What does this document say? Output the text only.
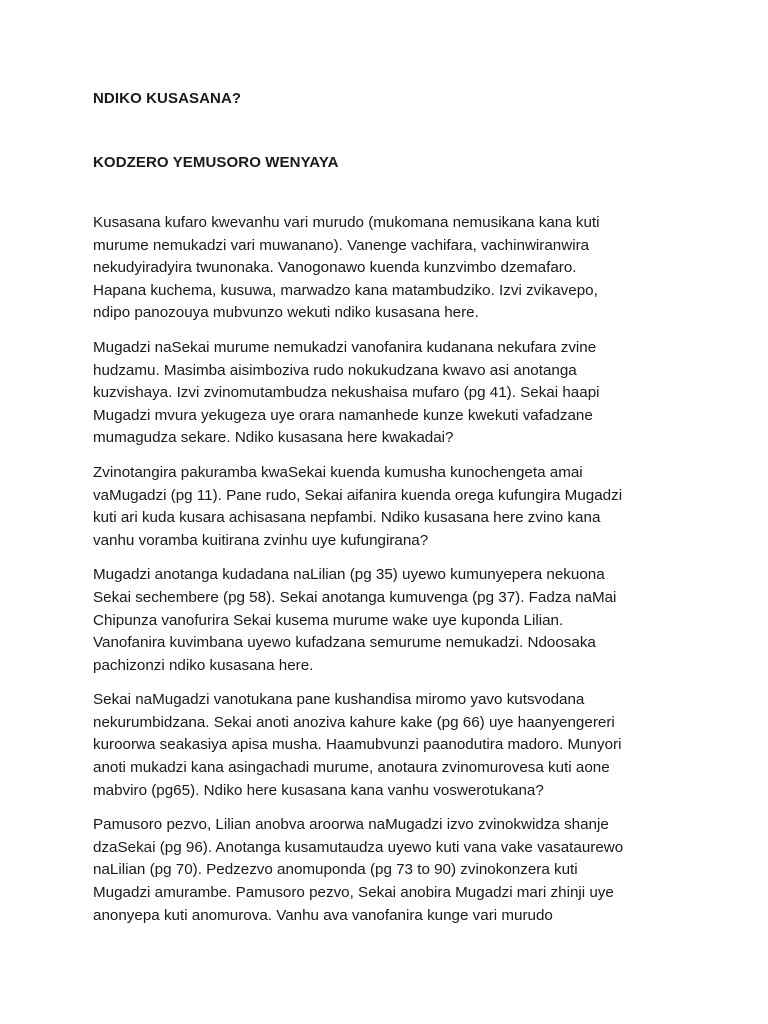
NDIKO KUSASANA?
KODZERO YEMUSORO WENYAYA

Kusasana kufaro kwevanhu vari murudo (mukomana nemusikana kana kuti
murume nemukadzi vari muwanano). Vanenge vachifara, vachinwiranwira
nekudyiradyira twunonaka. Vanogonawo kuenda kunzvimbo dzemafaro.
Hapana kuchema, kusuwa, marwadzo kana matambudziko. Izvi zvikavepo,
ndipo panozouya mubvunzo wekuti ndiko kusasana here.

Mugadzi naSekai murume nemukadzi vanofanira kudanana nekufara zvine
hudzamu. Masimba aisimboziva rudo nokukudzana kwavo asi anotanga
kuzvishaya. Izvi zvinomutambudza nekushaisa mufaro (pg 41). Sekai haapi
Mugadzi mvura yekugeza uye orara namanhede kunze kwekuti vafadzane
mumagudza sekare. Ndiko kusasana here kwakadai?

Zvinotangira pakuramba kwaSekai kuenda kumusha kunochengeta amai
vaMugadzi (pg 11). Pane rudo, Sekai aifanira kuenda orega kufungira Mugadzi
kuti ari kuda kusara achisasana nepfambi. Ndiko kusasana here zvino kana
vanhu voramba kuitirana zvinhu uye kufungirana?

Mugadzi anotanga kudadana naLilian (pg 35) uyewo kumunyepera nekuona
Sekai sechembere (pg 58). Sekai anotanga kumuvenga (pg 37). Fadza naMai
Chipunza vanofurira Sekai kusema murume wake uye kuponda Lilian.
Vanofanira kuvimbana uyewo kufadzana semurume nemukadzi. Ndoosaka
pachizonzi ndiko kusasana here.

Sekai naMugadzi vanotukana pane kushandisa miromo yavo kutsvodana
nekurumbidzana. Sekai anoti anoziva kahure kake (pg 66) uye haanyengereri
kuroorwa seakasiya apisa musha. Haamubvunzi paanodutira madoro. Munyori
anoti mukadzi kana asingachadi murume, anotaura zvinomurovesa kuti aone
mabviro (pg65). Ndiko here kusasana kana vanhu voswerotukana?

Pamusoro pezvo, Lilian anobva aroorwa naMugadzi izvo zvinokwidza shanje
dzaSekai (pg 96). Anotanga kusamutaudza uyewo kuti vana vake vasataurewo
naLilian (pg 70). Pedzezvo anomuponda (pg 73 to 90) zvinokonzera kuti
Mugadzi amurambe. Pamusoro pezvo, Sekai anobira Mugadzi mari zhinji uye
anonyepa kuti anomurova. Vanhu ava vanofanira kunge vari murudo
